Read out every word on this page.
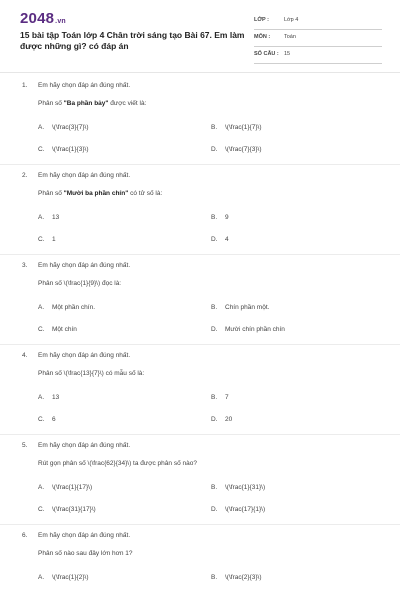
2048.vn
15 bài tập Toán lớp 4 Chân trời sáng tạo Bài 67. Em làm được những gì? có đáp án
LỚP :	Lớp 4
MÔN :	Toán
SỐ CÂU : 15
1. Em hãy chọn đáp án đúng nhất.
Phân số "Ba phần bảy" được viết là:
A. \(\frac{3}{7}\)	B. \(\frac{1}{7}\)
C. \(\frac{1}{3}\)	D. \(\frac{7}{3}\)
2. Em hãy chọn đáp án đúng nhất.
Phân số "Mười ba phần chín" có tử số là:
A. 13	B. 9
C. 1	D. 4
3. Em hãy chọn đáp án đúng nhất.
Phân số \(\frac{1}{9}\) đọc là:
A. Một phần chín.	B. Chín phần một.
C. Một chín	D. Mười chín phần chín
4. Em hãy chọn đáp án đúng nhất.
Phân số \(\frac{13}{7}\) có mẫu số là:
A. 13	B. 7
C. 6	D. 20
5. Em hãy chọn đáp án đúng nhất.
Rút gọn phân số \(\frac{62}{34}\) ta được phân số nào?
A. \(\frac{1}{17}\)	B. \(\frac{1}{31}\)
C. \(\frac{31}{17}\)	D. \(\frac{17}{1}\)
6. Em hãy chọn đáp án đúng nhất.
Phân số nào sau đây lớn hơn 1?
A. \(\frac{1}{2}\)	B. \(\frac{2}{3}\)
